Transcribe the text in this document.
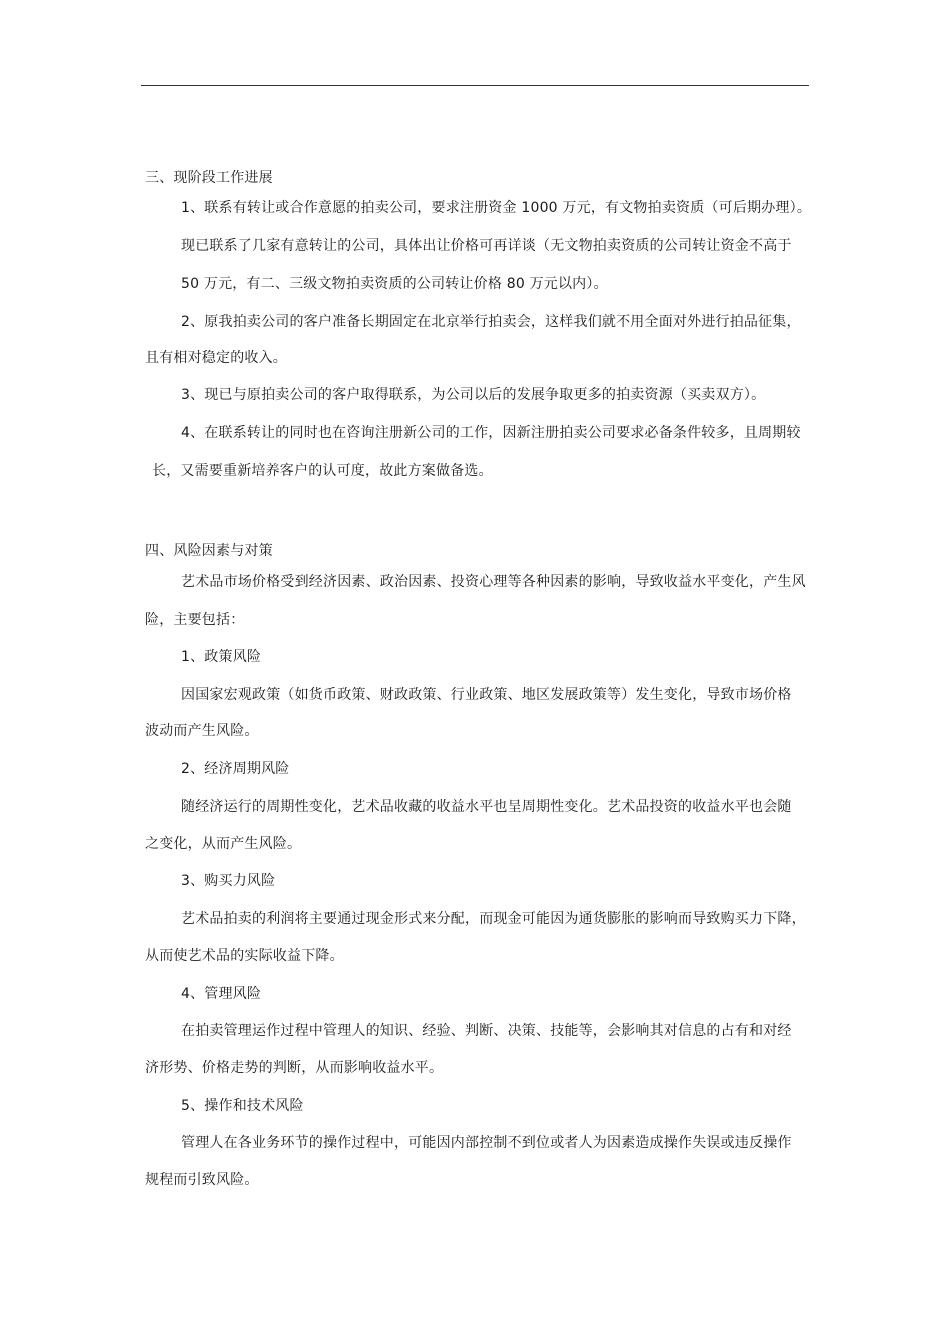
三、现阶段工作进展
1、联系有转让或合作意愿的拍卖公司，要求注册资金 1000 万元，有文物拍卖资质（可后期办理）。
现已联系了几家有意转让的公司，具体出让价格可再详谈（无文物拍卖资质的公司转让资金不高于
50 万元，有二、三级文物拍卖资质的公司转让价格 80 万元以内）。
2、原我拍卖公司的客户准备长期固定在北京举行拍卖会，这样我们就不用全面对外进行拍品征集，
且有相对稳定的收入。
3、现已与原拍卖公司的客户取得联系，为公司以后的发展争取更多的拍卖资源（买卖双方）。
4、在联系转让的同时也在咨询注册新公司的工作，因新注册拍卖公司要求必备条件较多，且周期较
长，又需要重新培养客户的认可度，故此方案做备选。
四、风险因素与对策
艺术品市场价格受到经济因素、政治因素、投资心理等各种因素的影响，导致收益水平变化，产生风
险，主要包括：
1、政策风险
因国家宏观政策（如货币政策、财政政策、行业政策、地区发展政策等）发生变化，导致市场价格
波动而产生风险。
2、经济周期风险
随经济运行的周期性变化，艺术品收藏的收益水平也呈周期性变化。艺术品投资的收益水平也会随
之变化，从而产生风险。
3、购买力风险
艺术品拍卖的利润将主要通过现金形式来分配，而现金可能因为通货膨胀的影响而导致购买力下降，
从而使艺术品的实际收益下降。
4、管理风险
在拍卖管理运作过程中管理人的知识、经验、判断、决策、技能等，会影响其对信息的占有和对经
济形势、价格走势的判断，从而影响收益水平。
5、操作和技术风险
管理人在各业务环节的操作过程中，可能因内部控制不到位或者人为因素造成操作失误或违反操作
规程而引致风险。
